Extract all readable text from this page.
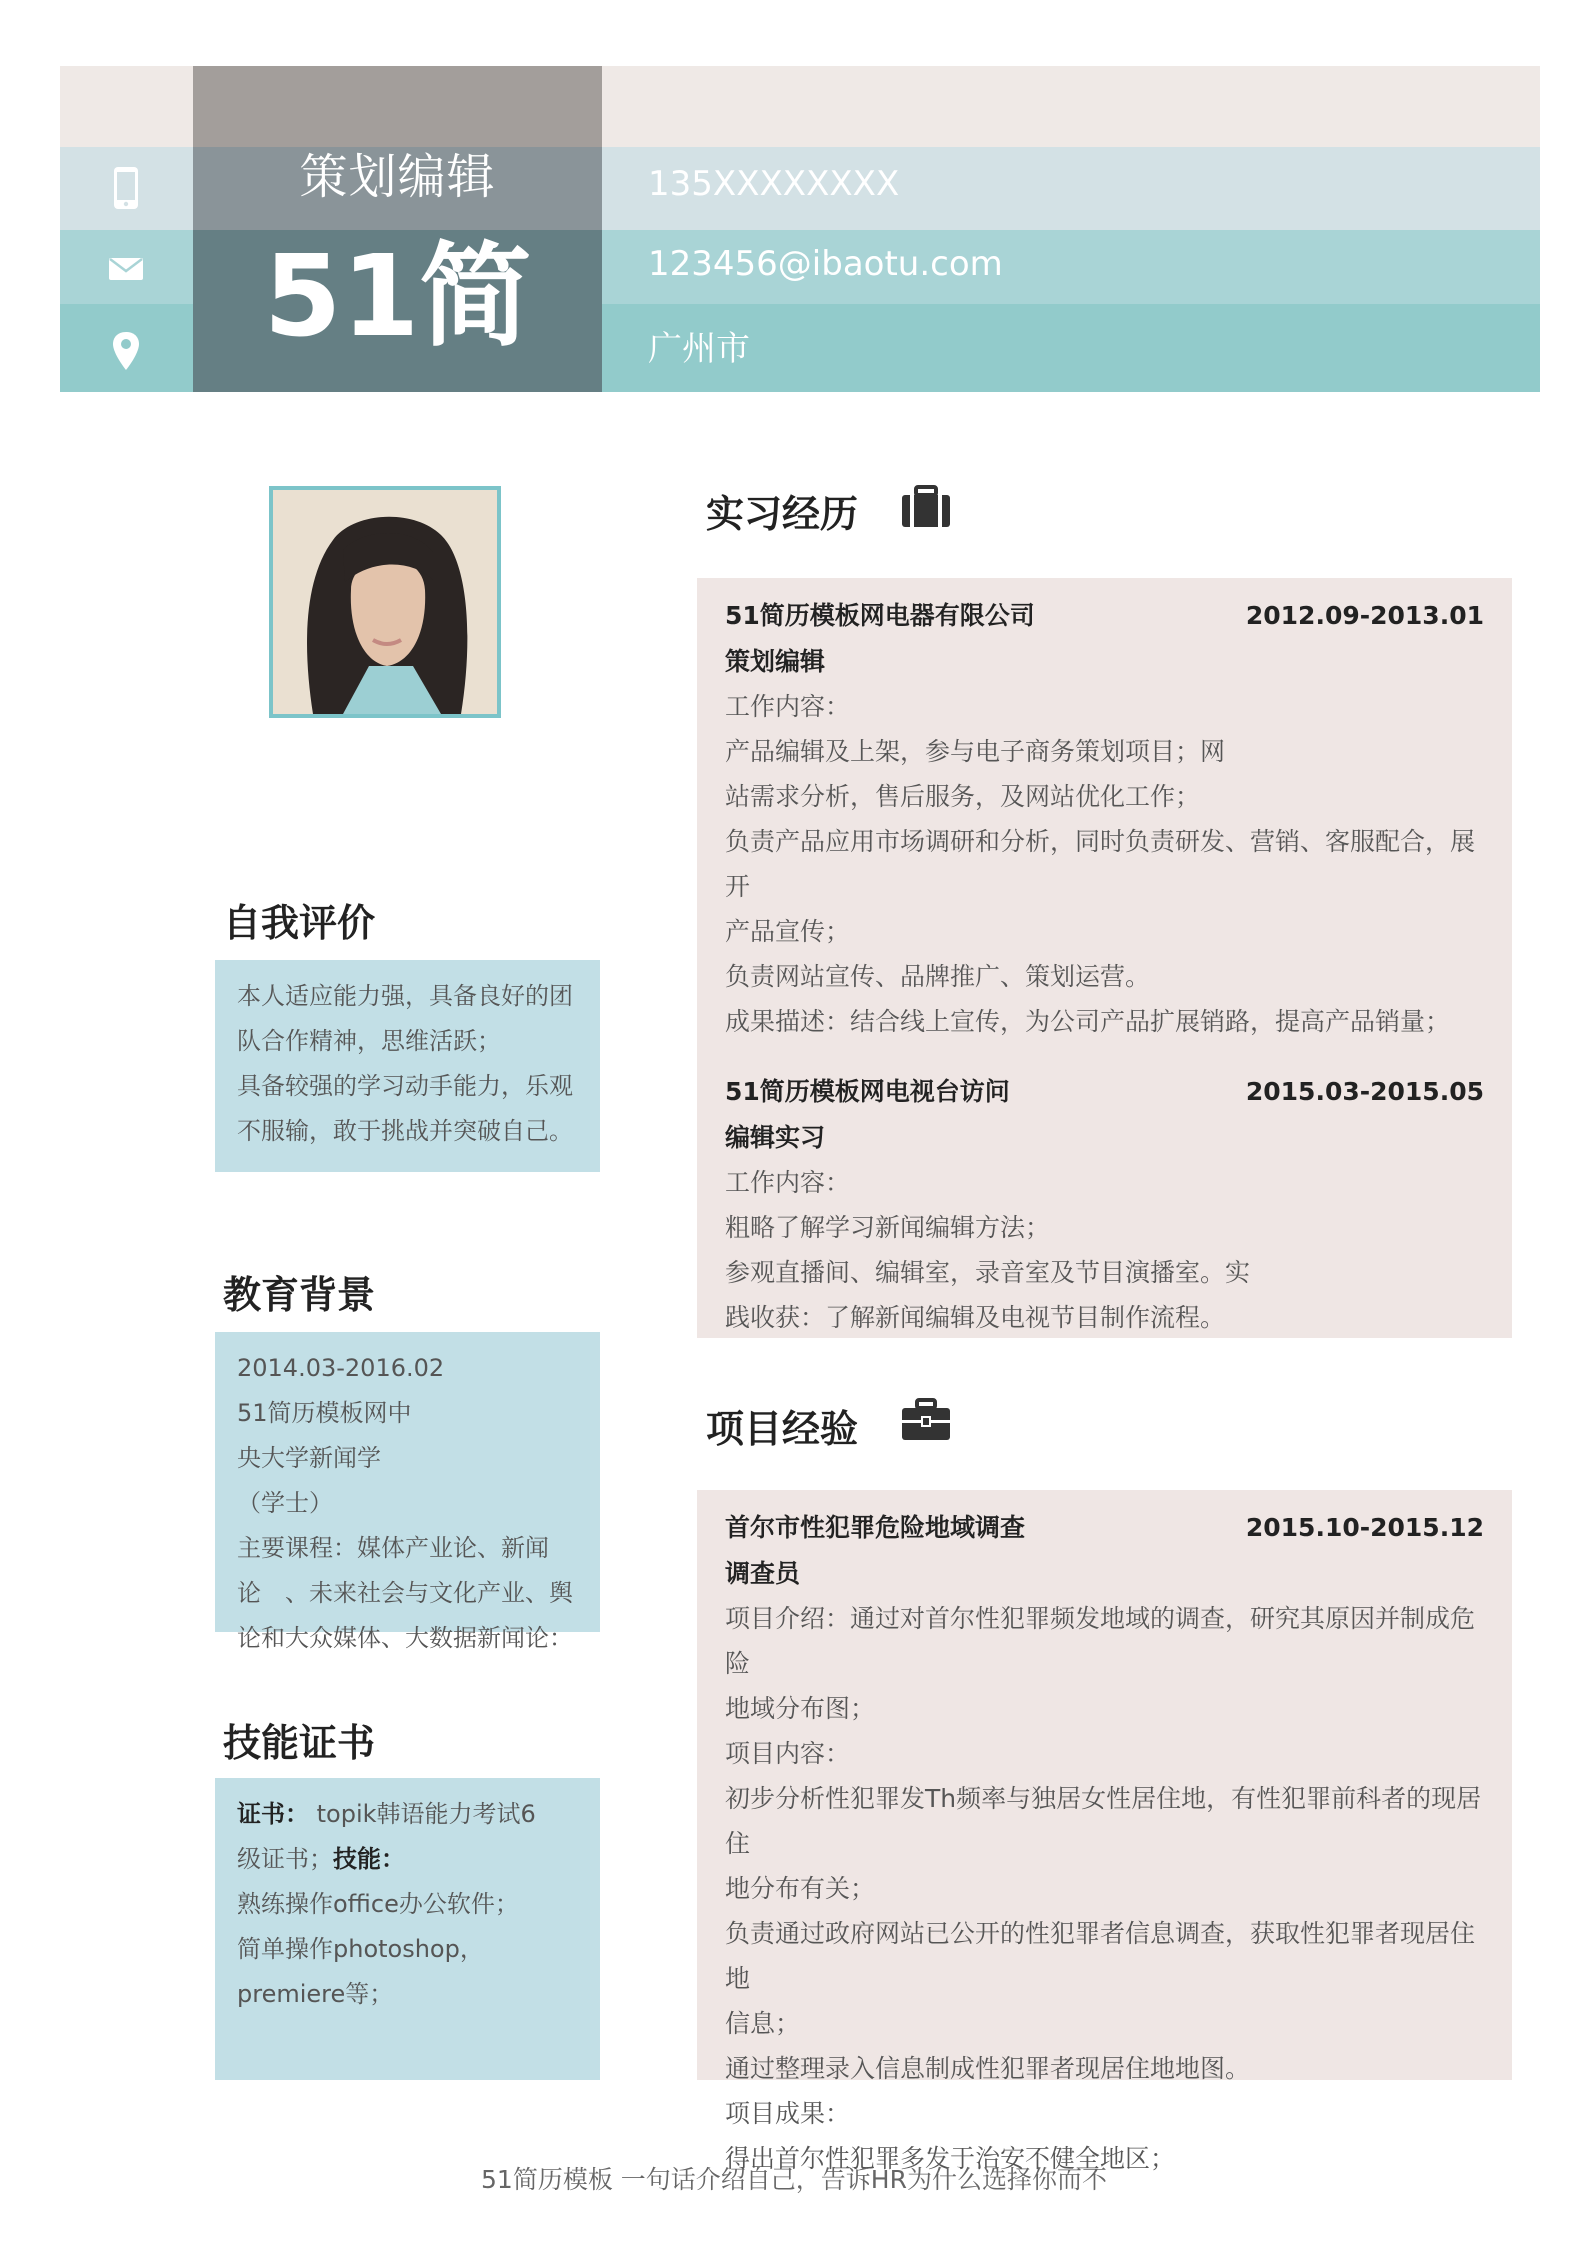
策划编辑
51简
135XXXXXXXX
123456@ibaotu.com
广州市
自我评价

本人适应能力强，具备良好的团

队合作精神，思维活跃；

具备较强的学习动手能力，乐观

不服输，敢于挑战并突破自己。

教育背景

2014.03-2016.02

51简历模板网中

央大学新闻学

（学士）

主要课程：媒体产业论、新闻

论　、未来社会与文化产业、舆

论和大众媒体、大数据新闻论：

技能证书

证书： topik韩语能力考试6

级证书；技能：

熟练操作office办公软件；

简单操作photoshop，

premiere等；

实习经历
51简历模板网电器有限公司	2012.09-2013.01
策划编辑

工作内容：

产品编辑及上架，参与电子商务策划项目；网

站需求分析，售后服务，及网站优化工作；

负责产品应用市场调研和分析，同时负责研发、营销、客服配合，展开

产品宣传；

负责网站宣传、品牌推广、策划运营。

成果描述：结合线上宣传，为公司产品扩展销路，提高产品销量；

51简历模板网电视台访问	2015.03-2015.05
编辑实习

工作内容：

粗略了解学习新闻编辑方法；

参观直播间、编辑室，录音室及节目演播室。实

践收获：了解新闻编辑及电视节目制作流程。

项目经验
首尔市性犯罪危险地域调查	2015.10-2015.12
调查员

项目介绍：通过对首尔性犯罪频发地域的调查，研究其原因并制成危险

地域分布图；

项目内容：

初步分析性犯罪发Th频率与独居女性居住地，有性犯罪前科者的现居住

地分布有关；

负责通过政府网站已公开的性犯罪者信息调查，获取性犯罪者现居住地

信息；

通过整理录入信息制成性犯罪者现居住地地图。

项目成果：

得出首尔性犯罪多发于治安不健全地区；

51简历模板 一句话介绍自己，告诉HR为什么选择你而不
